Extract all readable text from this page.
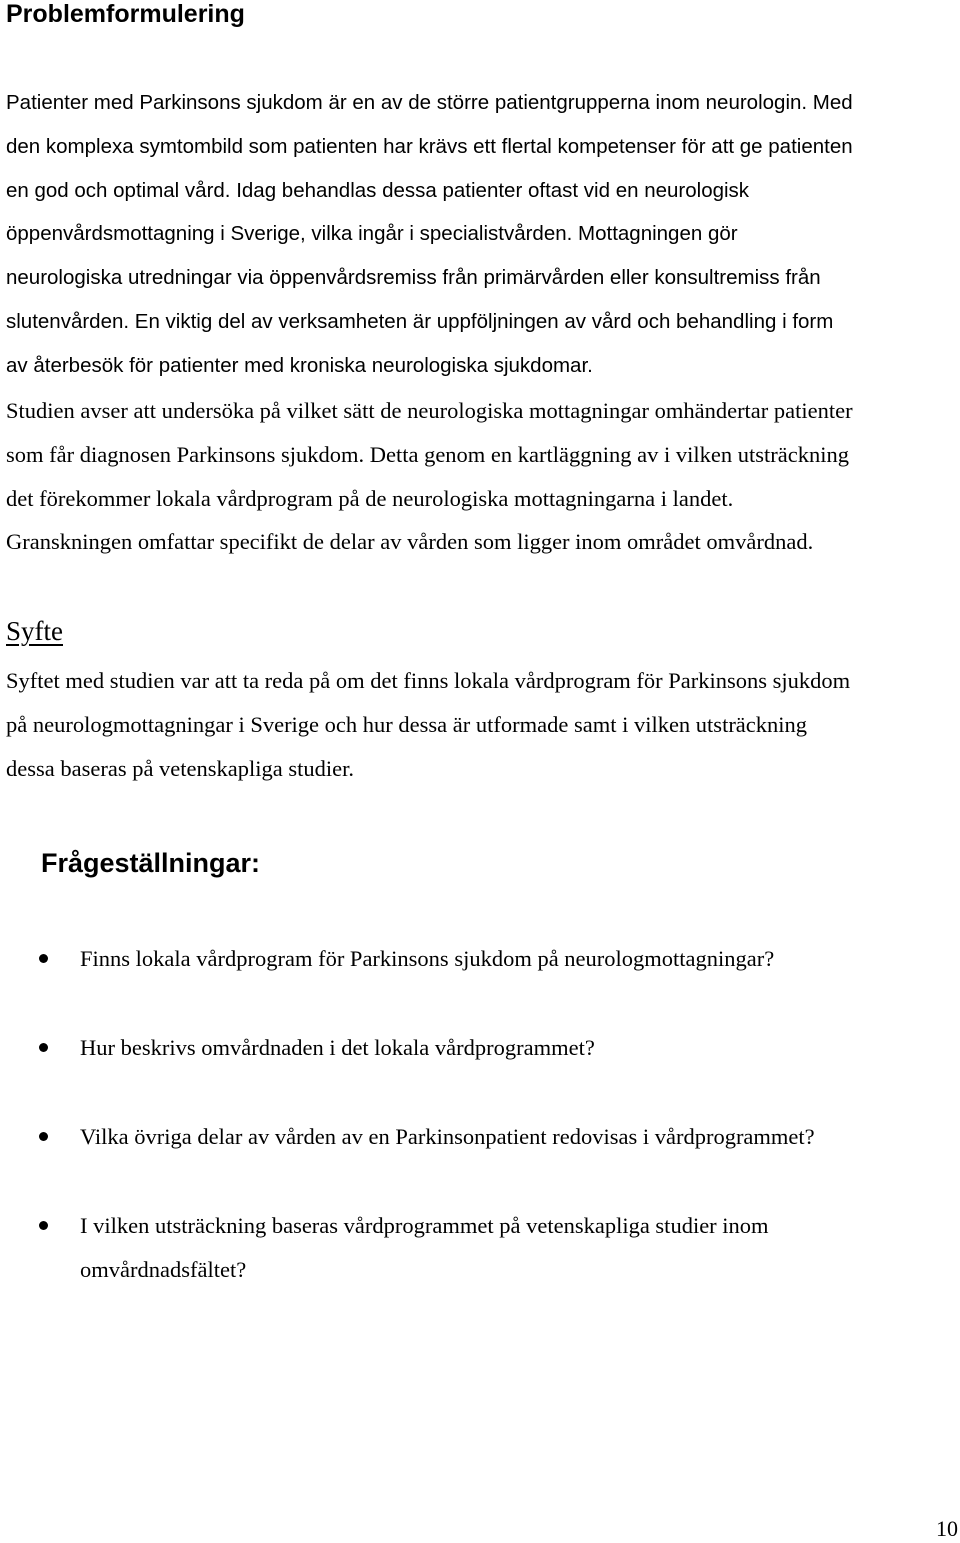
Problemformulering
Patienter med Parkinsons sjukdom är en av de större patientgrupperna inom neurologin. Med
den komplexa symtombild som patienten har krävs ett flertal kompetenser för att ge patienten
en god och optimal vård. Idag behandlas dessa patienter oftast vid en neurologisk
öppenvårdsmottagning i Sverige, vilka ingår i specialistvården. Mottagningen gör
neurologiska utredningar via öppenvårdsremiss från primärvården eller konsultremiss från
slutenvården. En viktig del av verksamheten är uppföljningen av vård och behandling i form
av återbesök för patienter med kroniska neurologiska sjukdomar.
Studien avser att undersöka på vilket sätt de neurologiska mottagningar omhändertar patienter
som får diagnosen Parkinsons sjukdom. Detta genom en kartläggning av i vilken utsträckning
det förekommer lokala vårdprogram på de neurologiska mottagningarna i landet.
Granskningen omfattar specifikt de delar av vården som ligger inom området omvårdnad.
Syfte
Syftet med studien var att ta reda på om det finns lokala vårdprogram för Parkinsons sjukdom
på neurologmottagningar i Sverige och hur dessa är utformade samt i vilken utsträckning
dessa baseras på vetenskapliga studier.
Frågeställningar:
Finns lokala vårdprogram för Parkinsons sjukdom på neurologmottagningar?
Hur beskrivs omvårdnaden i det lokala vårdprogrammet?
Vilka övriga delar av vården av en Parkinsonpatient redovisas i vårdprogrammet?
I vilken utsträckning baseras vårdprogrammet på vetenskapliga studier inom
omvårdnadsfältet?
10
